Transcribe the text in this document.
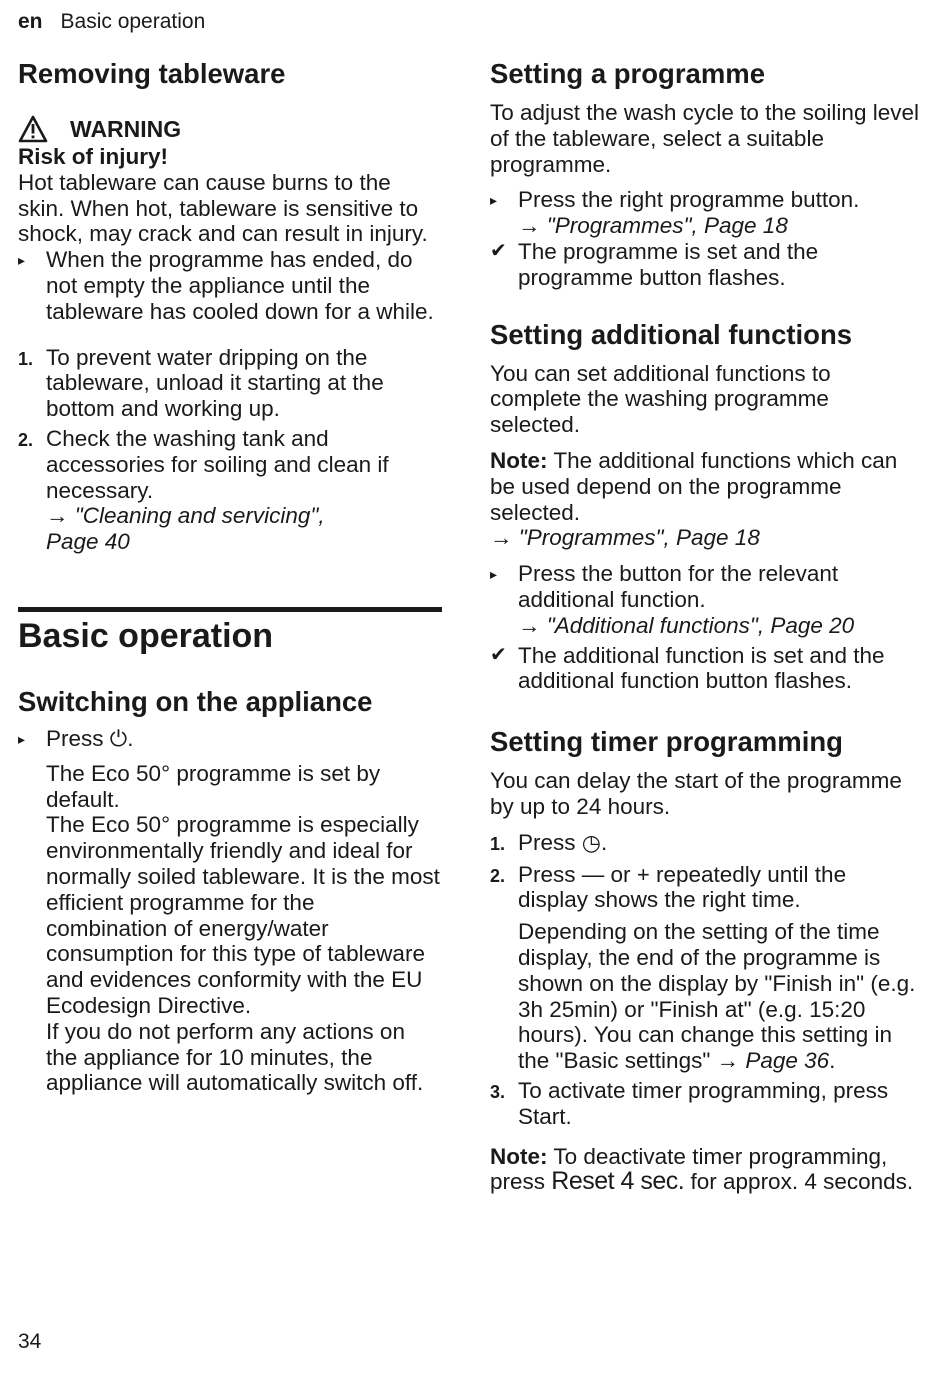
en Basic operation
Removing tableware
WARNING

Risk of injury!

Hot tableware can cause burns to the skin. When hot, tableware is sensitive to shock, may crack and can result in injury.

▸ When the programme has ended, do not empty the appliance until the tableware has cooled down for a while.
1. To prevent water dripping on the tableware, unload it starting at the bottom and working up.
2. Check the washing tank and accessories for soiling and clean if necessary.
→ "Cleaning and servicing", Page 40
Basic operation
Switching on the appliance
▸ Press ⏻.

The Eco 50° programme is set by default.

The Eco 50° programme is especially environmentally friendly and ideal for normally soiled tableware. It is the most efficient programme for the combination of energy/water consumption for this type of tableware and evidences conformity with the EU Ecodesign Directive.

If you do not perform any actions on the appliance for 10 minutes, the appliance will automatically switch off.

Setting a programme

To adjust the wash cycle to the soiling level of the tableware, select a suitable programme.

▸ Press the right programme button.
→ "Programmes", Page 18
✔ The programme is set and the programme button flashes.
Setting additional functions

You can set additional functions to complete the washing programme selected.

Note: The additional functions which can be used depend on the programme selected.
→ "Programmes", Page 18

▸ Press the button for the relevant additional function.
→ "Additional functions", Page 20
✔ The additional function is set and the additional function button flashes.
Setting timer programming

You can delay the start of the programme by up to 24 hours.

1. Press ◷.
2. Press — or + repeatedly until the display shows the right time.
Depending on the setting of the time display, the end of the programme is shown on the display by "Finish in" (e.g. 3h 25min) or "Finish at" (e.g. 15:20 hours). You can change this setting in the "Basic settings" → Page 36.
3. To activate timer programming, press Start.

Note: To deactivate timer programming, press Reset 4 sec. for approx. 4 seconds.

34
